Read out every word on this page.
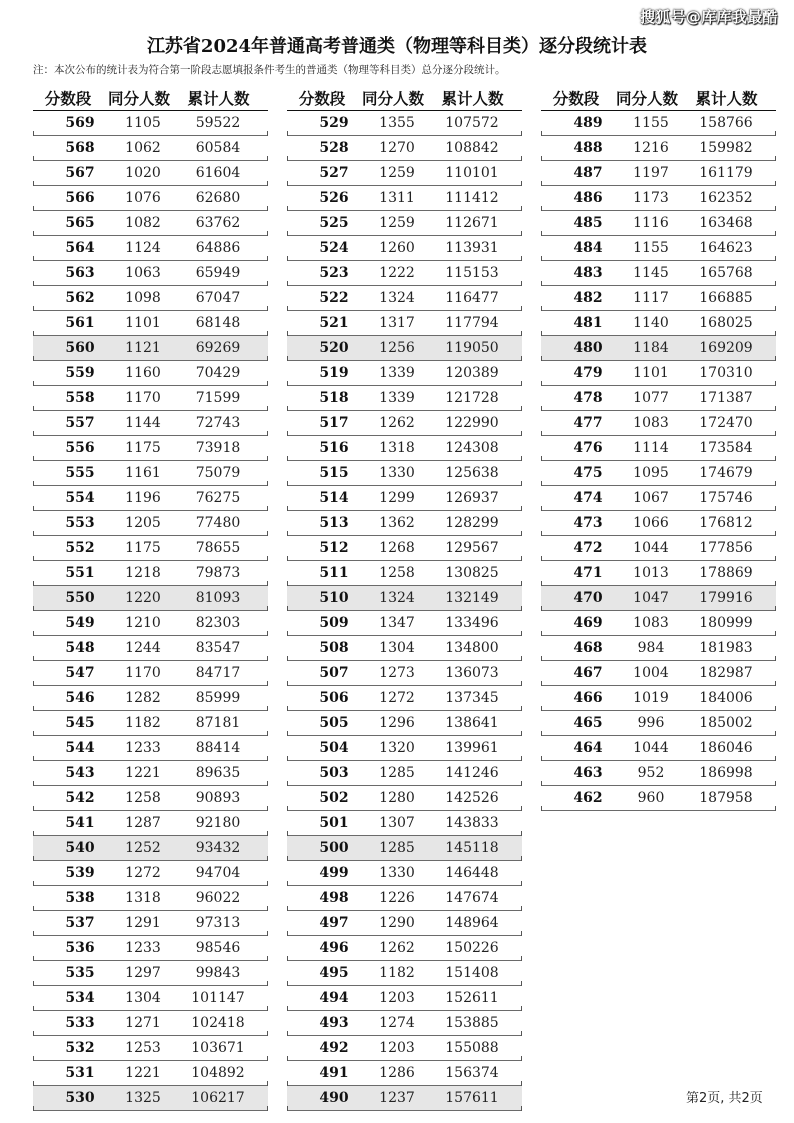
搜狐号@库库我最酷
江苏省2024年普通高考普通类（物理等科目类）逐分段统计表
注：本次公布的统计表为符合第一阶段志愿填报条件考生的普通类（物理等科目类）总分逐分段统计。
分数段	同分人数	累计人数
569	1105	59522
568	1062	60584
567	1020	61604
566	1076	62680
565	1082	63762
564	1124	64886
563	1063	65949
562	1098	67047
561	1101	68148
560	1121	69269
559	1160	70429
558	1170	71599
557	1144	72743
556	1175	73918
555	1161	75079
554	1196	76275
553	1205	77480
552	1175	78655
551	1218	79873
550	1220	81093
549	1210	82303
548	1244	83547
547	1170	84717
546	1282	85999
545	1182	87181
544	1233	88414
543	1221	89635
542	1258	90893
541	1287	92180
540	1252	93432
539	1272	94704
538	1318	96022
537	1291	97313
536	1233	98546
535	1297	99843
534	1304	101147
533	1271	102418
532	1253	103671
531	1221	104892
530	1325	106217
分数段	同分人数	累计人数
529	1355	107572
528	1270	108842
527	1259	110101
526	1311	111412
525	1259	112671
524	1260	113931
523	1222	115153
522	1324	116477
521	1317	117794
520	1256	119050
519	1339	120389
518	1339	121728
517	1262	122990
516	1318	124308
515	1330	125638
514	1299	126937
513	1362	128299
512	1268	129567
511	1258	130825
510	1324	132149
509	1347	133496
508	1304	134800
507	1273	136073
506	1272	137345
505	1296	138641
504	1320	139961
503	1285	141246
502	1280	142526
501	1307	143833
500	1285	145118
499	1330	146448
498	1226	147674
497	1290	148964
496	1262	150226
495	1182	151408
494	1203	152611
493	1274	153885
492	1203	155088
491	1286	156374
490	1237	157611
分数段	同分人数	累计人数
489	1155	158766
488	1216	159982
487	1197	161179
486	1173	162352
485	1116	163468
484	1155	164623
483	1145	165768
482	1117	166885
481	1140	168025
480	1184	169209
479	1101	170310
478	1077	171387
477	1083	172470
476	1114	173584
475	1095	174679
474	1067	175746
473	1066	176812
472	1044	177856
471	1013	178869
470	1047	179916
469	1083	180999
468	984	181983
467	1004	182987
466	1019	184006
465	996	185002
464	1044	186046
463	952	186998
462	960	187958
第2页, 共2页
